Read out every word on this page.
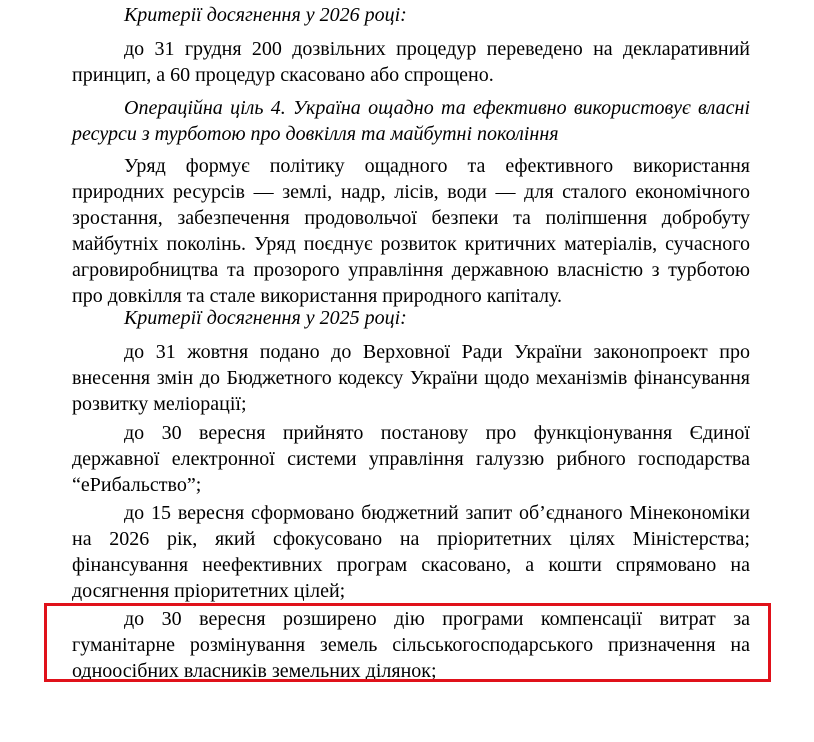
Критерії досягнення у 2026 році:

до 31 грудня 200 дозвільних процедур переведено на декларативний принцип, а 60 процедур скасовано або спрощено.

Операційна ціль 4. Україна ощадно та ефективно використовує власні ресурси з турботою про довкілля та майбутні покоління

Уряд формує політику ощадного та ефективного використання природних ресурсів — землі, надр, лісів, води — для сталого економічного зростання, забезпечення продовольчої безпеки та поліпшення добробуту майбутніх поколінь. Уряд поєднує розвиток критичних матеріалів, сучасного агровиробництва та прозорого управління державною власністю з турботою про довкілля та стале використання природного капіталу.

Критерії досягнення у 2025 році:

до 31 жовтня подано до Верховної Ради України законопроект про внесення змін до Бюджетного кодексу України щодо механізмів фінансування розвитку меліорації;

до 30 вересня прийнято постанову про функціонування Єдиної державної електронної системи управління галуззю рибного господарства “еРибальство”;

до 15 вересня сформовано бюджетний запит об’єднаного Мінекономіки на 2026 рік, який сфокусовано на пріоритетних цілях Міністерства; фінансування неефективних програм скасовано, а кошти спрямовано на досягнення пріоритетних цілей;

до 30 вересня розширено дію програми компенсації витрат за гуманітарне розмінування земель сільськогосподарського призначення на одноосібних власників земельних ділянок;
